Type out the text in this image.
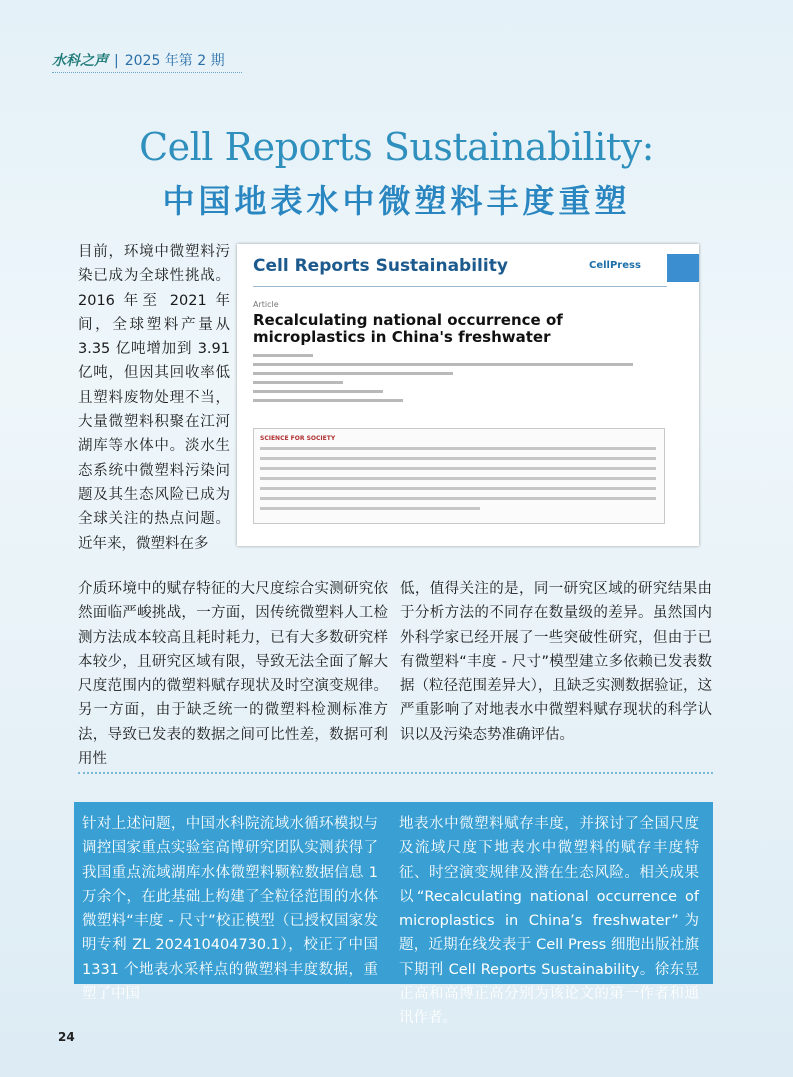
水科之声 | 2025 年第 2 期
Cell Reports Sustainability:
中国地表水中微塑料丰度重塑
目前，环境中微塑料污染已成为全球性挑战。2016 年至 2021 年间，全球塑料产量从 3.35 亿吨增加到 3.91 亿吨，但因其回收率低且塑料废物处理不当，大量微塑料积聚在江河湖库等水体中。淡水生态系统中微塑料污染问题及其生态风险已成为全球关注的热点问题。近年来，微塑料在多
Cell Reports Sustainability	CellPress
Article
Recalculating national occurrence of microplastics in China's freshwater
SCIENCE FOR SOCIETY
介质环境中的赋存特征的大尺度综合实测研究依然面临严峻挑战，一方面，因传统微塑料人工检测方法成本较高且耗时耗力，已有大多数研究样本较少，且研究区域有限，导致无法全面了解大尺度范围内的微塑料赋存现状及时空演变规律。另一方面，由于缺乏统一的微塑料检测标准方法，导致已发表的数据之间可比性差，数据可利用性
低，值得关注的是，同一研究区域的研究结果由于分析方法的不同存在数量级的差异。虽然国内外科学家已经开展了一些突破性研究，但由于已有微塑料“丰度 - 尺寸”模型建立多依赖已发表数据（粒径范围差异大），且缺乏实测数据验证，这严重影响了对地表水中微塑料赋存现状的科学认识以及污染态势准确评估。
针对上述问题，中国水科院流域水循环模拟与调控国家重点实验室高博研究团队实测获得了我国重点流域湖库水体微塑料颗粒数据信息 1 万余个，在此基础上构建了全粒径范围的水体微塑料“丰度 - 尺寸”校正模型（已授权国家发明专利 ZL 202410404730.1），校正了中国 1331 个地表水采样点的微塑料丰度数据，重塑了中国
地表水中微塑料赋存丰度，并探讨了全国尺度及流域尺度下地表水中微塑料的赋存丰度特征、时空演变规律及潜在生态风险。相关成果 以“Recalculating national occurrence of microplastics in China’s freshwater”为题，近期在线发表于 Cell Press 细胞出版社旗下期刊 Cell Reports Sustainability。徐东昱正高和高博正高分别为该论文的第一作者和通讯作者。
24
